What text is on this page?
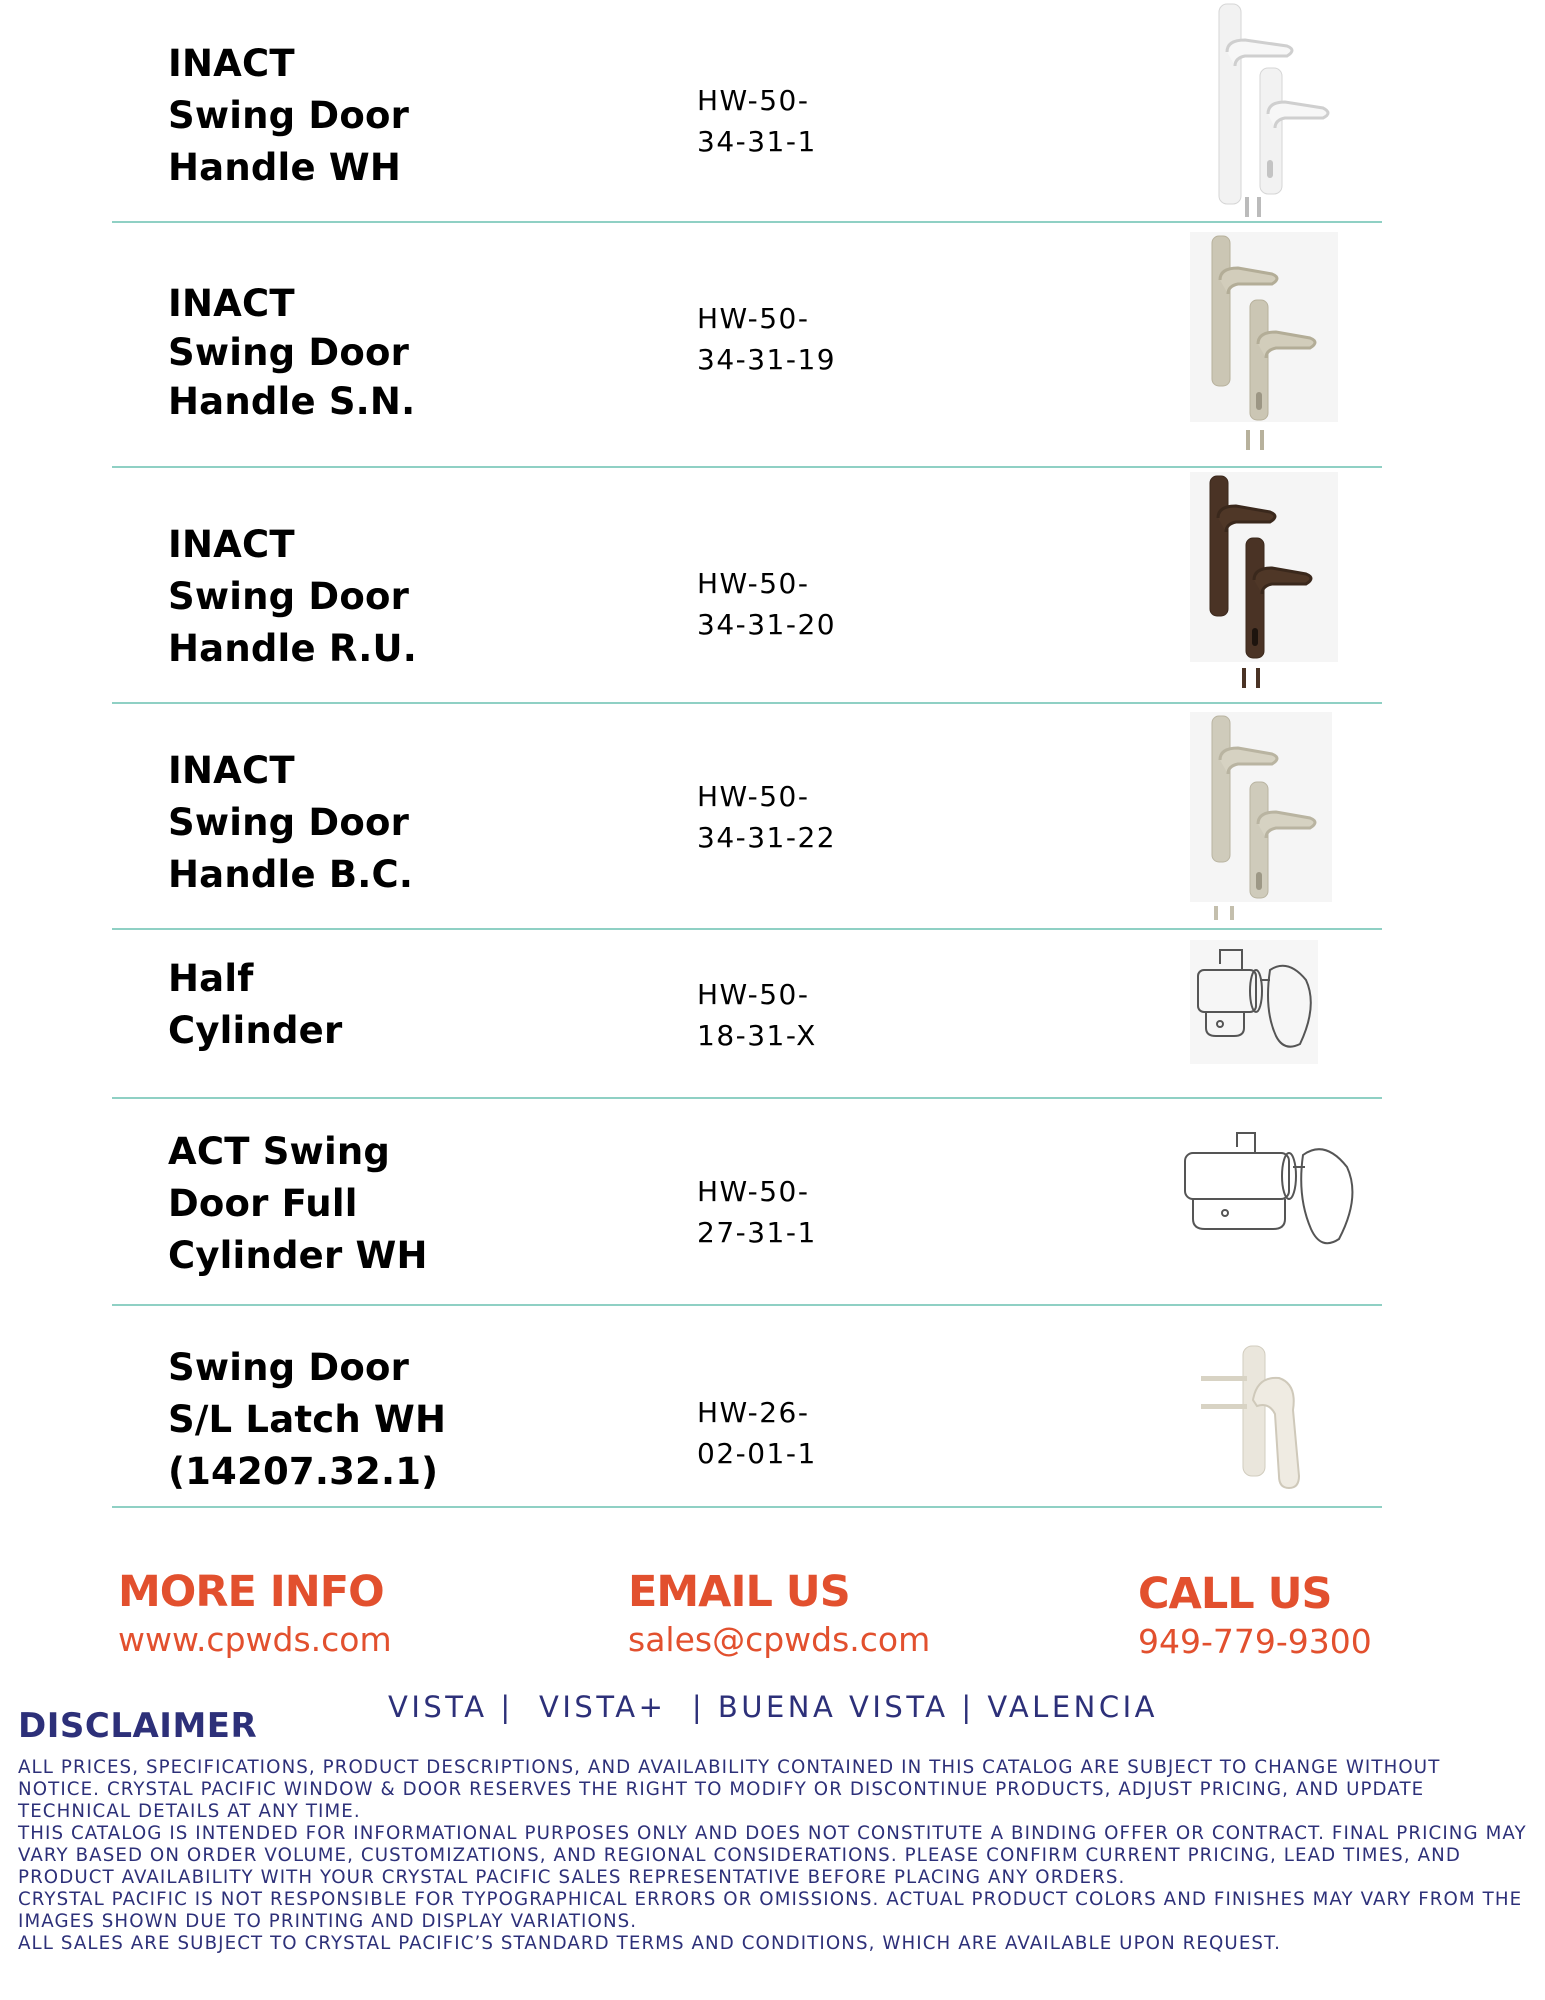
INACT
Swing Door
Handle WH
HW-50-
34-31-1
INACT
Swing Door
Handle S.N.
HW-50-
34-31-19
INACT
Swing Door
Handle R.U.
HW-50-
34-31-20
INACT
Swing Door
Handle B.C.
HW-50-
34-31-22
Half
Cylinder
HW-50-
18-31-X
ACT Swing
Door Full
Cylinder WH
HW-50-
27-31-1
Swing Door
S/L Latch WH
(14207.32.1)
HW-26-
02-01-1
MORE INFO
www.cpwds.com
EMAIL US
sales@cpwds.com
CALL US
949-779-9300
VISTA |  VISTA+  | BUENA VISTA | VALENCIA
DISCLAIMER

ALL PRICES, SPECIFICATIONS, PRODUCT DESCRIPTIONS, AND AVAILABILITY CONTAINED IN THIS CATALOG ARE SUBJECT TO CHANGE WITHOUT NOTICE. CRYSTAL PACIFIC WINDOW & DOOR RESERVES THE RIGHT TO MODIFY OR DISCONTINUE PRODUCTS, ADJUST PRICING, AND UPDATE TECHNICAL DETAILS AT ANY TIME.

THIS CATALOG IS INTENDED FOR INFORMATIONAL PURPOSES ONLY AND DOES NOT CONSTITUTE A BINDING OFFER OR CONTRACT. FINAL PRICING MAY VARY BASED ON ORDER VOLUME, CUSTOMIZATIONS, AND REGIONAL CONSIDERATIONS. PLEASE CONFIRM CURRENT PRICING, LEAD TIMES, AND PRODUCT AVAILABILITY WITH YOUR CRYSTAL PACIFIC SALES REPRESENTATIVE BEFORE PLACING ANY ORDERS.

CRYSTAL PACIFIC IS NOT RESPONSIBLE FOR TYPOGRAPHICAL ERRORS OR OMISSIONS. ACTUAL PRODUCT COLORS AND FINISHES MAY VARY FROM THE IMAGES SHOWN DUE TO PRINTING AND DISPLAY VARIATIONS.

ALL SALES ARE SUBJECT TO CRYSTAL PACIFIC’S STANDARD TERMS AND CONDITIONS, WHICH ARE AVAILABLE UPON REQUEST.
